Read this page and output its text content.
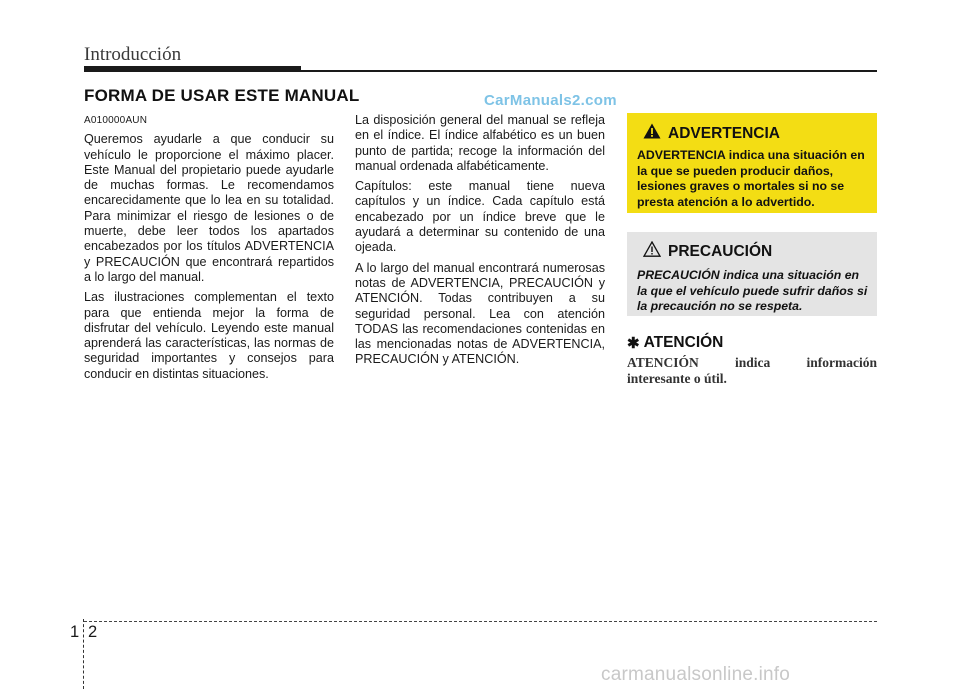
Introducción
FORMA DE USAR ESTE MANUAL	CarManuals2.com

A010000AUN

Queremos ayudarle a que conducir su vehículo le proporcione el máximo placer. Este Manual del propietario puede ayudarle de muchas formas. Le recomendamos encarecidamente que lo lea en su totalidad. Para minimizar el riesgo de lesiones o de muerte, debe leer todos los apartados encabezados por los títulos ADVERTENCIA y PRECAUCIÓN que encontrará repartidos a lo largo del manual.

Las ilustraciones complementan el texto para que entienda mejor la forma de disfrutar del vehículo. Leyendo este manual aprenderá las características, las normas de seguridad importantes y consejos para conducir en distintas situaciones.

La disposición general del manual se refleja en el índice. El índice alfabético es un buen punto de partida; recoge la información del manual ordenada alfabéticamente.

Capítulos: este manual tiene nueva capítulos y un índice. Cada capítulo está encabezado por un índice breve que le ayudará a determinar su contenido de una ojeada.

A lo largo del manual encontrará numerosas notas de ADVERTENCIA, PRECAUCIÓN y ATENCIÓN. Todas contribuyen a su seguridad personal. Lea con atención TODAS las recomendaciones contenidas en las mencionadas notas de ADVERTENCIA, PRECAUCIÓN y ATENCIÓN.

ADVERTENCIA
ADVERTENCIA indica una situación en la que se pueden producir daños, lesiones graves o mortales si no se presta atención a lo advertido.
PRECAUCIÓN
PRECAUCIÓN indica una situación en la que el vehículo puede sufrir daños si la precaución no se respeta.
✱ ATENCIÓN
ATENCIÓN indica información interesante o útil.
1 2
carmanualsonline.info
